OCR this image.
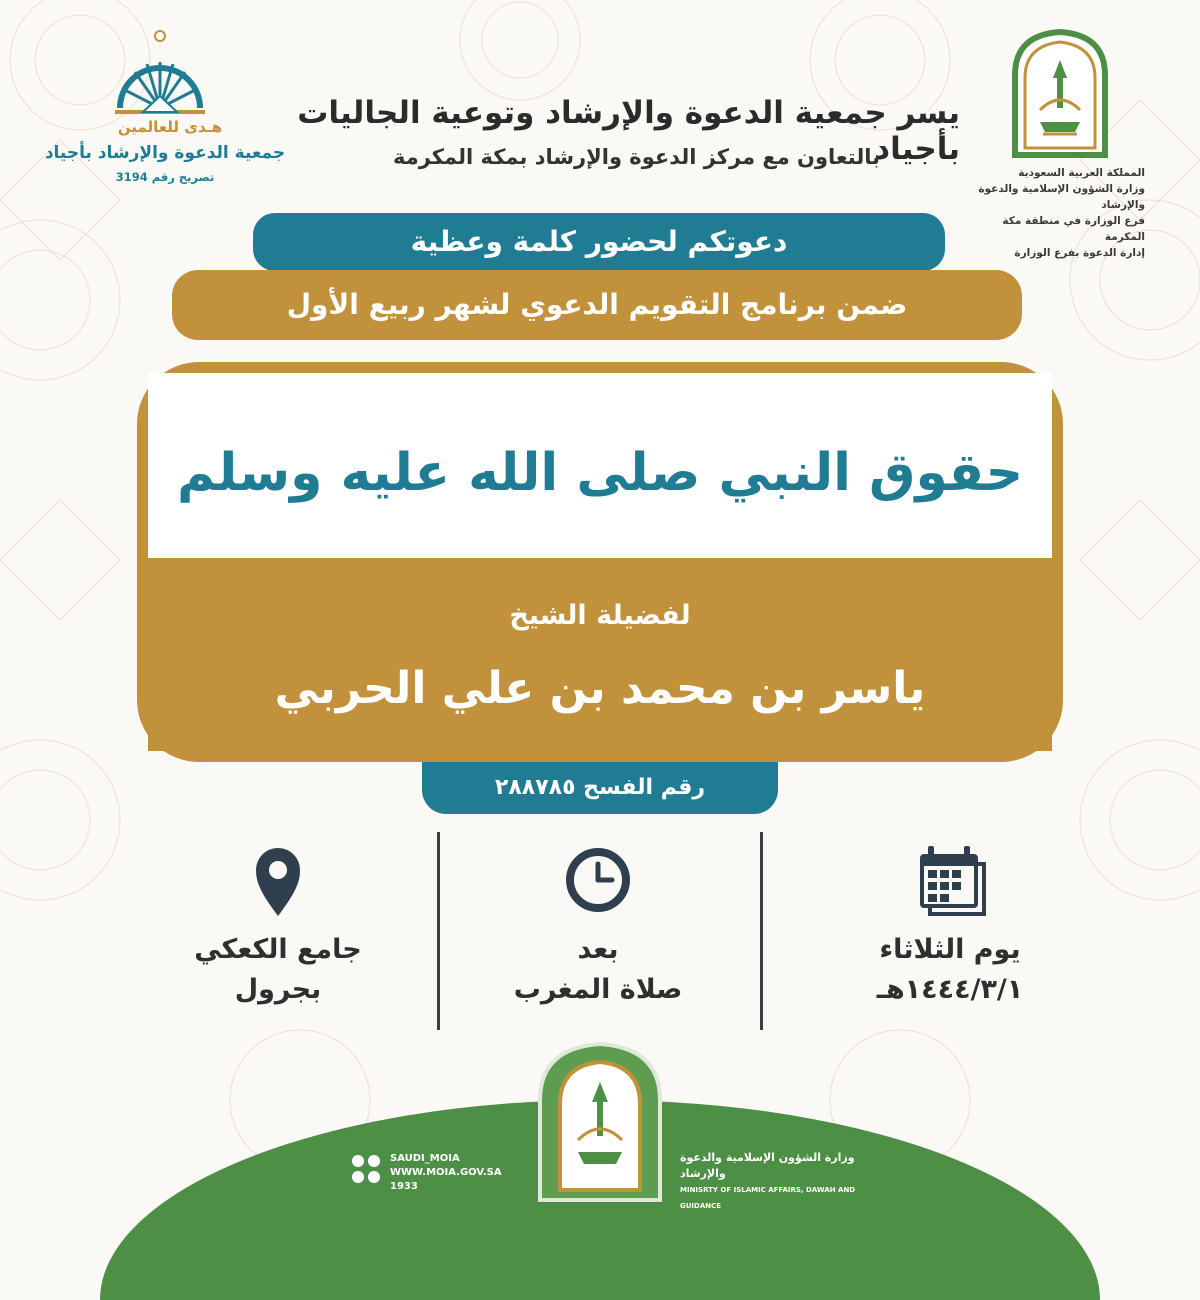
يسر جمعية الدعوة والإرشاد وتوعية الجاليات بأجياد
بالتعاون مع مركز الدعوة والإرشاد بمكة المكرمة
المملكة العربية السعودية
وزارة الشؤون الإسلامية والدعوة والإرشاد
فرع الوزارة في منطقة مكة المكرمة
إدارة الدعوة بفرع الوزارة
هـدى للعالمين
جمعية الدعوة والإرشاد بأجياد
تصريح رقم 3194
دعوتكم لحضور كلمة وعظية
ضمن برنامج التقويم الدعوي لشهر ربيع الأول
حقوق النبي صلى الله عليه وسلم
لفضيلة الشيخ
ياسر بن محمد بن علي الحربي
رقم الفسح ٢٨٨٧٨٥
يوم الثلاثاء
١٤٤٤/٣/١هـ
بعد
صلاة المغرب
جامع الكعكي
بجرول
SAUDI_MOIA
WWW.MOIA.GOV.SA
1933
وزارة الشؤون الإسلامية والدعوة والإرشاد
MINISRTY OF ISLAMIC AFFAIRS, DAWAH AND GUIDANCE
